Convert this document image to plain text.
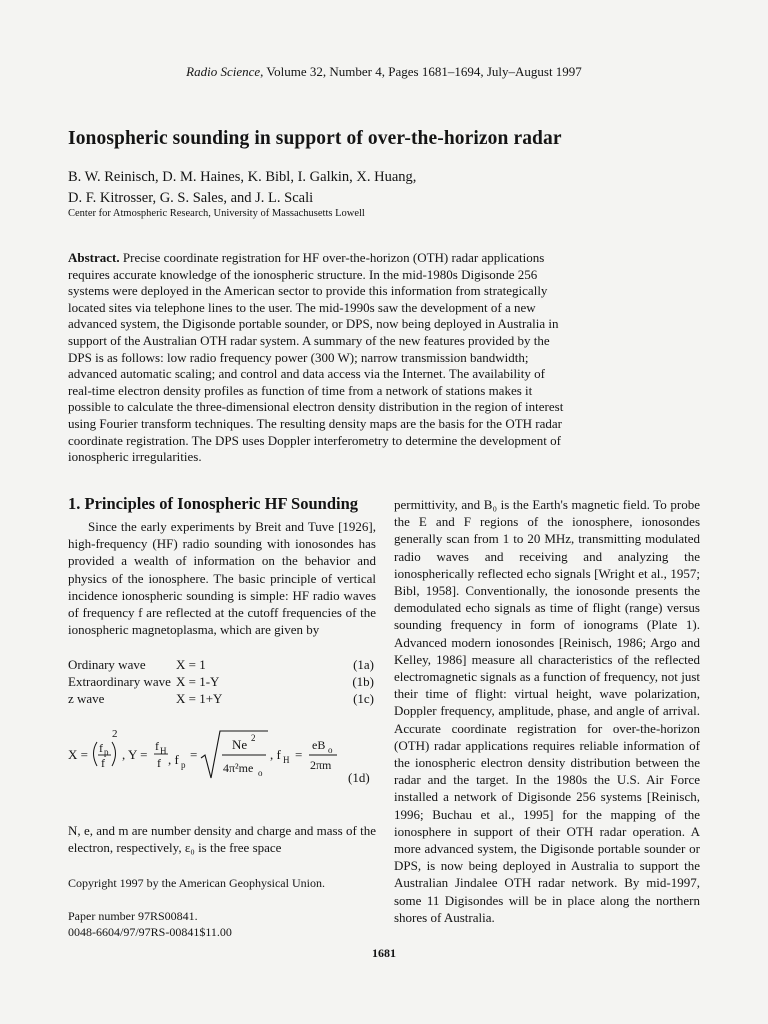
Radio Science, Volume 32, Number 4, Pages 1681–1694, July–August 1997
Ionospheric sounding in support of over-the-horizon radar
B. W. Reinisch, D. M. Haines, K. Bibl, I. Galkin, X. Huang,
D. F. Kitrosser, G. S. Sales, and J. L. Scali
Center for Atmospheric Research, University of Massachusetts Lowell
Abstract. Precise coordinate registration for HF over-the-horizon (OTH) radar applications requires accurate knowledge of the ionospheric structure. In the mid-1980s Digisonde 256 systems were deployed in the American sector to provide this information from strategically located sites via telephone lines to the user. The mid-1990s saw the development of a new advanced system, the Digisonde portable sounder, or DPS, now being deployed in Australia in support of the Australian OTH radar system. A summary of the new features provided by the DPS is as follows: low radio frequency power (300 W); narrow transmission bandwidth; advanced automatic scaling; and control and data access via the Internet. The availability of real-time electron density profiles as function of time from a network of stations makes it possible to calculate the three-dimensional electron density distribution in the region of interest using Fourier transform techniques. The resulting density maps are the basis for the OTH radar coordinate registration. The DPS uses Doppler interferometry to determine the development of ionospheric irregularities.
1. Principles of Ionospheric HF Sounding
Since the early experiments by Breit and Tuve [1926], high-frequency (HF) radio sounding with ionosondes has provided a wealth of information on the behavior and physics of the ionosphere. The basic principle of vertical incidence ionospheric sounding is simple: HF radio waves of frequency f are reflected at the cutoff frequencies of the ionospheric magnetoplasma, which are given by
Ordinary wave X = 1	(1a)
Extraordinary wave X = 1-Y	(1b)
z wave	X = 1+Y	(1c)
X = f p
f
2
, Y =
f H
f , f p
=
Ne 2
4π²me o
, f H =
eB o
2πm
(1d)
N, e, and m are number density and charge and mass of the electron, respectively, ε₀ is the free space
Copyright 1997 by the American Geophysical Union.
Paper number 97RS00841.
0048-6604/97/97RS-00841$11.00
permittivity, and B₀ is the Earth's magnetic field. To probe the E and F regions of the ionosphere, ionosondes generally scan from 1 to 20 MHz, transmitting modulated radio waves and receiving and analyzing the ionospherically reflected echo signals [Wright et al., 1957; Bibl, 1958]. Conventionally, the ionosonde presents the demodulated echo signals as time of flight (range) versus sounding frequency in form of ionograms (Plate 1). Advanced modern ionosondes [Reinisch, 1986; Argo and Kelley, 1986] measure all characteristics of the reflected electromagnetic signals as a function of frequency, not just their time of flight: virtual height, wave polarization, Doppler frequency, amplitude, phase, and angle of arrival. Accurate coordinate registration for over-the-horizon (OTH) radar applications requires reliable information of the ionospheric electron density distribution between the radar and the target. In the 1980s the U.S. Air Force installed a network of Digisonde 256 systems [Reinisch, 1996; Buchau et al., 1995] for the mapping of the ionosphere in support of their OTH radar operation. A more advanced system, the Digisonde portable sounder or DPS, is now being deployed in Australia to support the Australian Jindalee OTH radar network. By mid-1997, some 11 Digisondes will be in place along the northern shores of Australia.
1681
